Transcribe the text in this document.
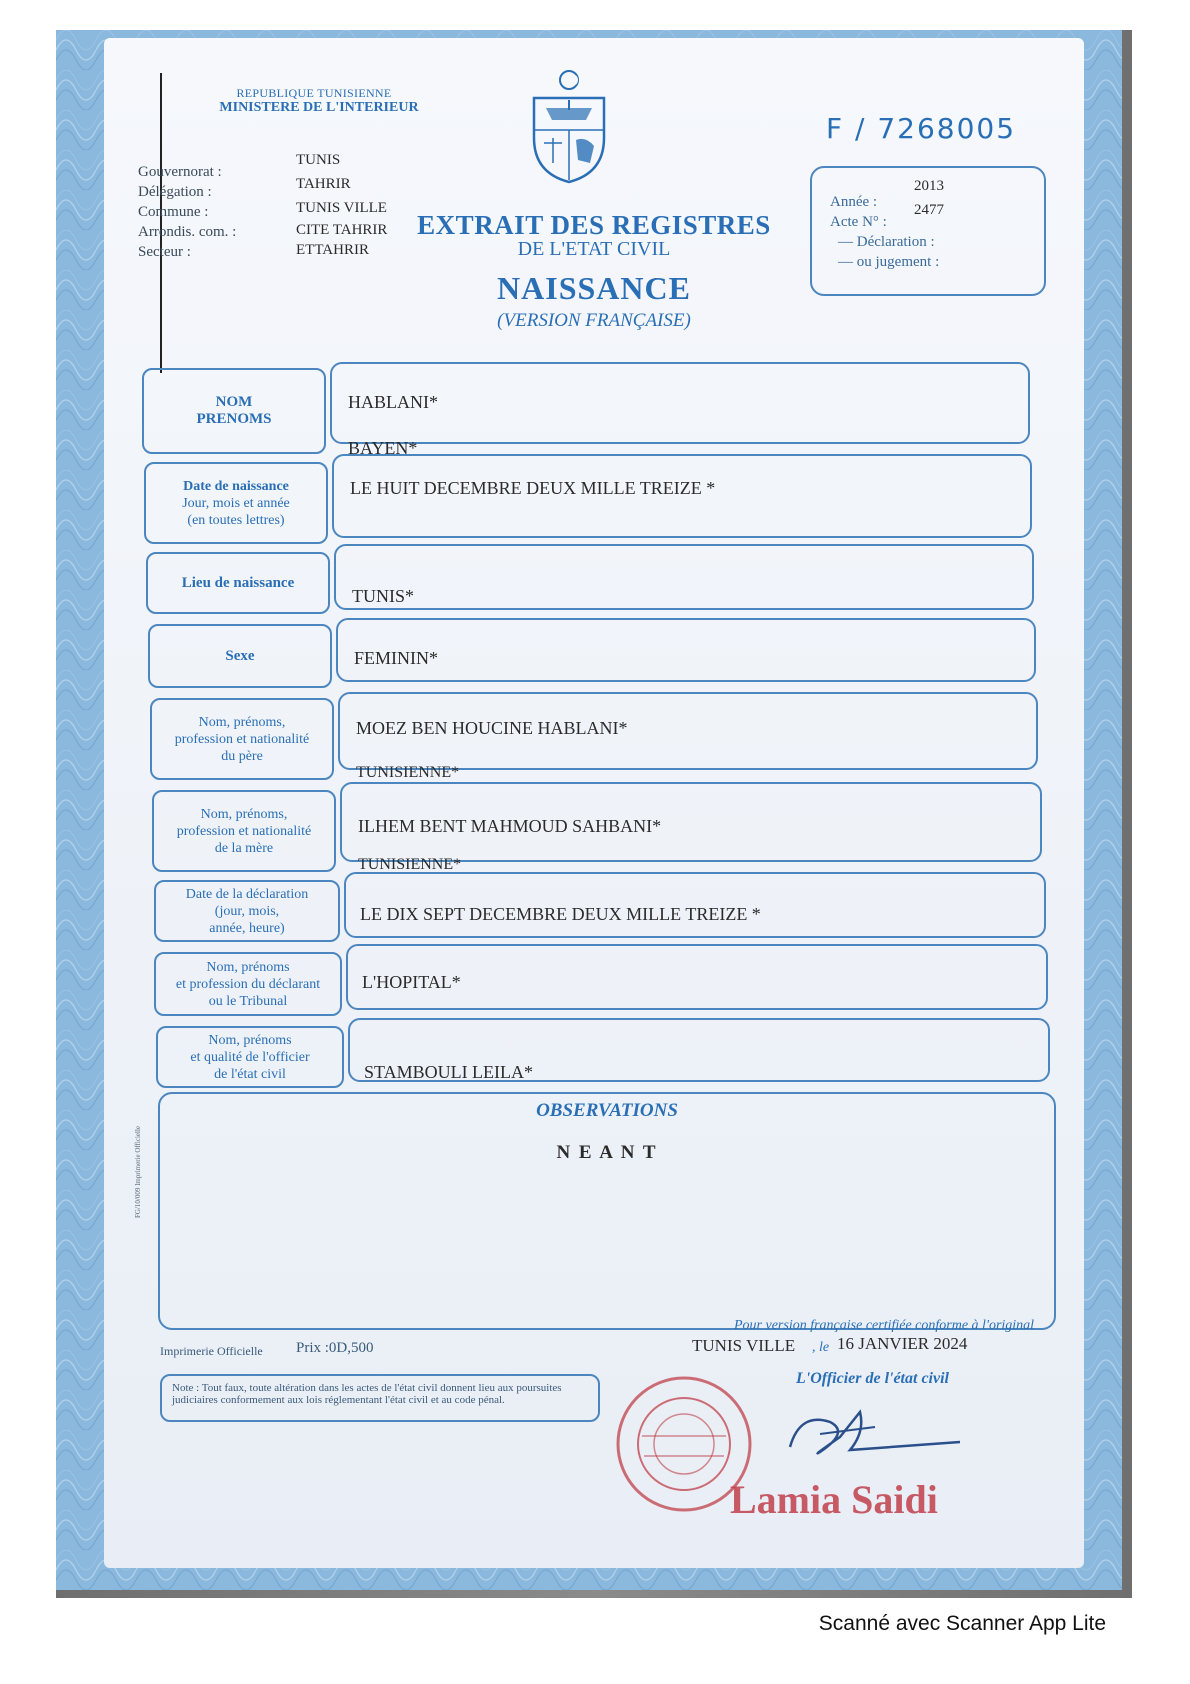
REPUBLIQUE TUNISIENNE
MINISTERE DE L'INTERIEUR
Gouvernorat :
Délégation :
Commune :
Arrondis. com. :
Secteur :
TUNIS
TAHRIR
TUNIS VILLE
CITE TAHRIR
ETTAHRIR
EXTRAIT DES REGISTRES
DE L'ETAT CIVIL
NAISSANCE
(VERSION FRANÇAISE)
F / 7268005
Année :
2013
Acte N° :
2477
— Déclaration :
— ou jugement :
NOM
PRENOMS
HABLANI*
BAYEN*
Date de naissance
Jour, mois et année
(en toutes lettres)
LE HUIT DECEMBRE DEUX MILLE TREIZE *
Lieu de naissance
TUNIS*
Sexe	FEMININ*
Nom, prénoms,
profession et nationalité
du père
MOEZ BEN HOUCINE HABLANI*
TUNISIENNE*
Nom, prénoms,
profession et nationalité
de la mère
ILHEM BENT MAHMOUD SAHBANI*
TUNISIENNE*
Date de la déclaration
(jour, mois,
année, heure)
LE DIX SEPT DECEMBRE DEUX MILLE TREIZE *
Nom, prénoms
et profession du déclarant
ou le Tribunal
L'HOPITAL*
Nom, prénoms
et qualité de l'officier
de l'état civil	STAMBOULI LEILA*
OBSERVATIONS
N E A N T
FG/10/009 Imprimerie Officielle
Imprimerie Officielle Prix :0D,500
Pour version française certifiée conforme à l'original
TUNIS VILLE , le 16 JANVIER 2024
L'Officier de l'état civil
Note : Tout faux, toute altération dans les actes de l'état civil donnent lieu aux poursuites judiciaires conformement aux lois réglementant l'état civil et au code pénal.
Lamia Saidi
Scanné avec Scanner App Lite
